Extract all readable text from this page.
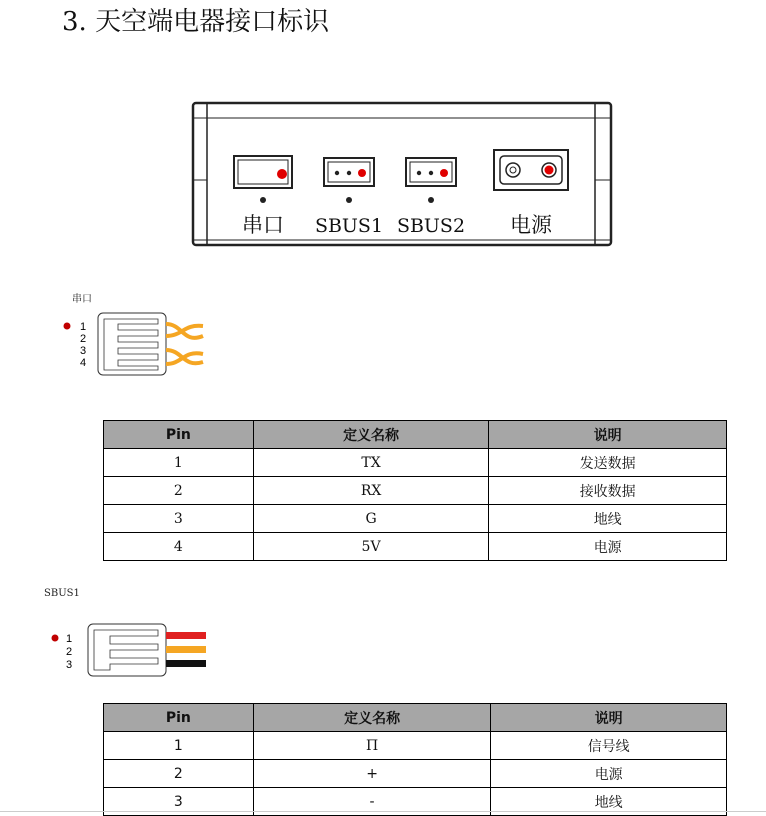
3. 天空端电器接口标识
串口 SBUS1 SBUS2 电源
串口
1
2
3
4
Pin	定义名称	说明
1	TX	发送数据
2	RX	接收数据
3	G	地线
4	5V	电源
SBUS1
1
2
3
Pin	定义名称	说明
1	П	信号线
2	+	电源
3	-	地线
